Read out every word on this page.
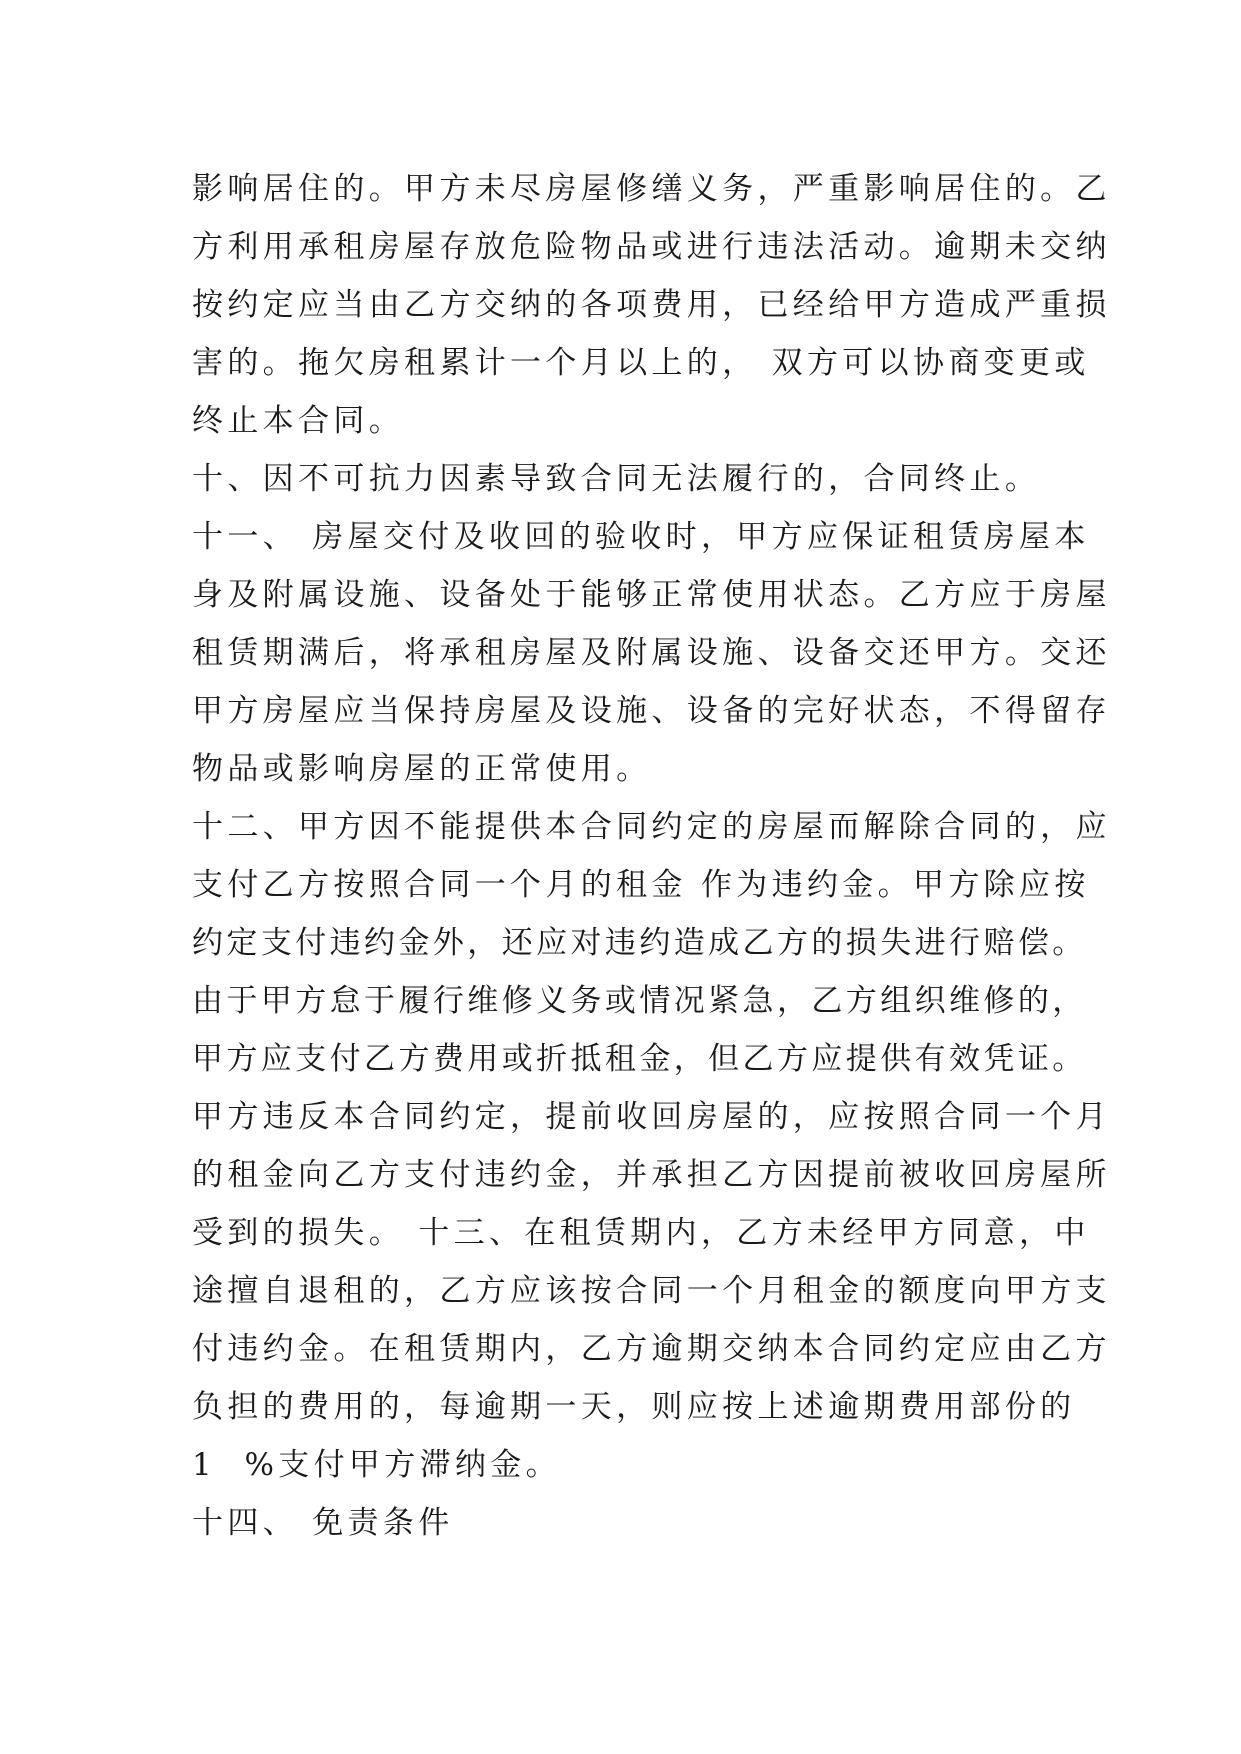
影响居住的。甲方未尽房屋修缮义务，严重影响居住的。乙
方利用承租房屋存放危险物品或进行违法活动。逾期未交纳
按约定应当由乙方交纳的各项费用，已经给甲方造成严重损
害的。拖欠房租累计一个月以上的， 双方可以协商变更或
终止本合同。
十、因不可抗力因素导致合同无法履行的，合同终止。
十一、 房屋交付及收回的验收时，甲方应保证租赁房屋本
身及附属设施、设备处于能够正常使用状态。乙方应于房屋
租赁期满后，将承租房屋及附属设施、设备交还甲方。交还
甲方房屋应当保持房屋及设施、设备的完好状态，不得留存
物品或影响房屋的正常使用。
十二、甲方因不能提供本合同约定的房屋而解除合同的，应
支付乙方按照合同一个月的租金 作为违约金。甲方除应按
约定支付违约金外，还应对违约造成乙方的损失进行赔偿。
由于甲方怠于履行维修义务或情况紧急，乙方组织维修的，
甲方应支付乙方费用或折抵租金，但乙方应提供有效凭证。
甲方违反本合同约定，提前收回房屋的，应按照合同一个月
的租金向乙方支付违约金，并承担乙方因提前被收回房屋所
受到的损失。 十三、在租赁期内，乙方未经甲方同意，中
途擅自退租的，乙方应该按合同一个月租金的额度向甲方支
付违约金。在租赁期内，乙方逾期交纳本合同约定应由乙方
负担的费用的，每逾期一天，则应按上述逾期费用部份的
1  %支付甲方滞纳金。
十四、 免责条件
